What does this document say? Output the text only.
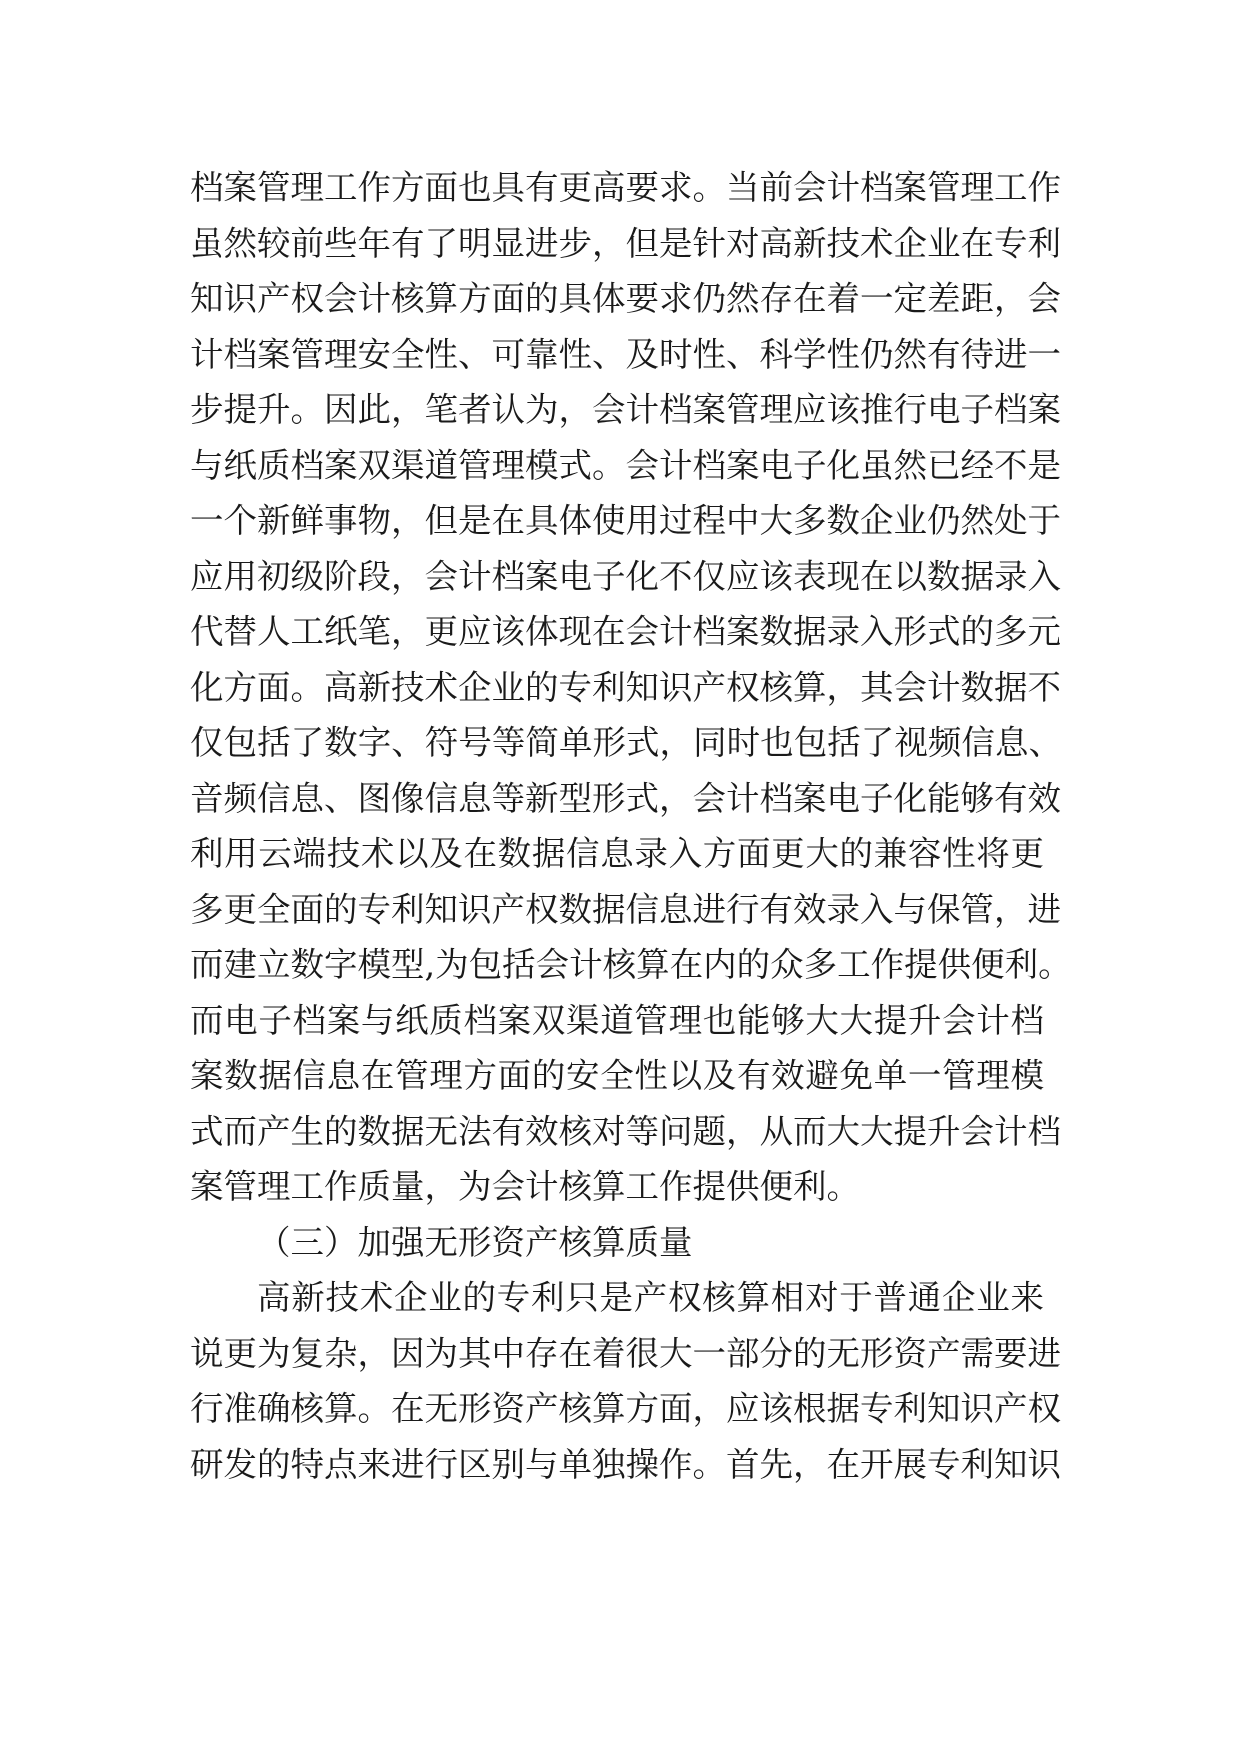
档案管理工作方面也具有更高要求。当前会计档案管理工作
虽然较前些年有了明显进步，但是针对高新技术企业在专利
知识产权会计核算方面的具体要求仍然存在着一定差距，会
计档案管理安全性、可靠性、及时性、科学性仍然有待进一
步提升。因此，笔者认为，会计档案管理应该推行电子档案
与纸质档案双渠道管理模式。会计档案电子化虽然已经不是
一个新鲜事物，但是在具体使用过程中大多数企业仍然处于
应用初级阶段，会计档案电子化不仅应该表现在以数据录入
代替人工纸笔，更应该体现在会计档案数据录入形式的多元
化方面。高新技术企业的专利知识产权核算，其会计数据不
仅包括了数字、符号等简单形式，同时也包括了视频信息、
音频信息、图像信息等新型形式，会计档案电子化能够有效
利用云端技术以及在数据信息录入方面更大的兼容性将更
多更全面的专利知识产权数据信息进行有效录入与保管，进
而建立数字模型,为包括会计核算在内的众多工作提供便利。
而电子档案与纸质档案双渠道管理也能够大大提升会计档
案数据信息在管理方面的安全性以及有效避免单一管理模
式而产生的数据无法有效核对等问题，从而大大提升会计档
案管理工作质量，为会计核算工作提供便利。
（三）加强无形资产核算质量
高新技术企业的专利只是产权核算相对于普通企业来
说更为复杂，因为其中存在着很大一部分的无形资产需要进
行准确核算。在无形资产核算方面，应该根据专利知识产权
研发的特点来进行区别与单独操作。首先，在开展专利知识
